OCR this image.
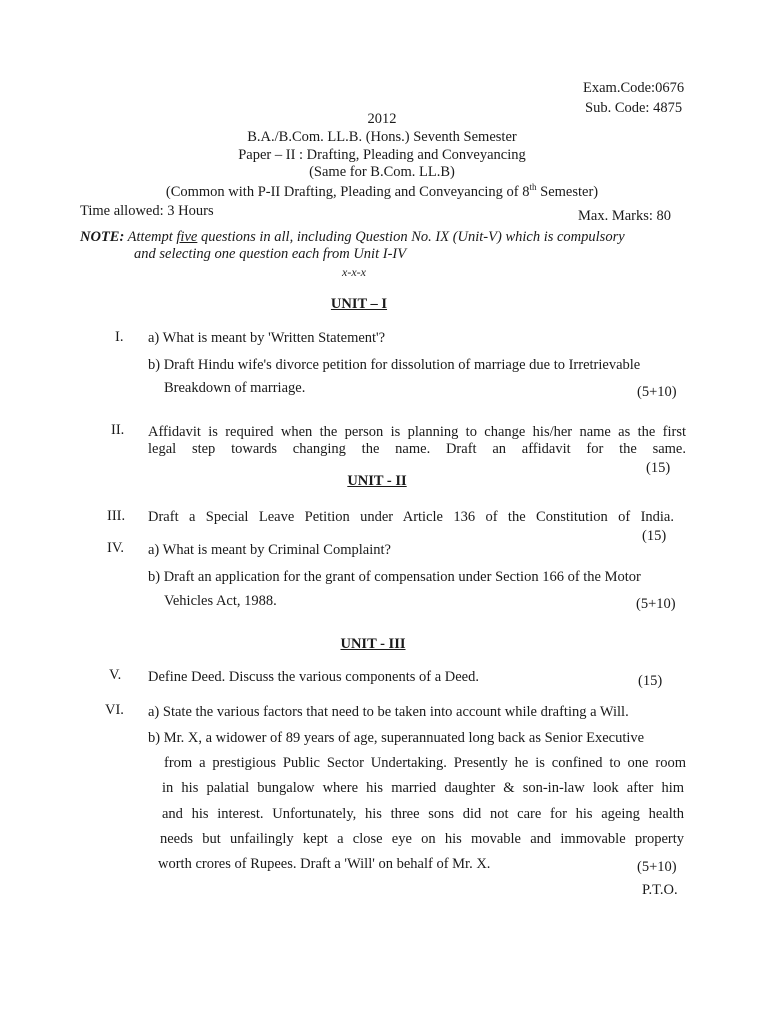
Exam.Code:0676
Sub. Code: 4875
2012
B.A./B.Com. LL.B. (Hons.) Seventh Semester
Paper – II : Drafting, Pleading and Conveyancing
(Same for B.Com. LL.B)
(Common with P-II Drafting, Pleading and Conveyancing of 8th Semester)
Time allowed: 3 Hours	Max. Marks: 80
NOTE: Attempt five questions in all, including Question No. IX (Unit-V) which is compulsory
and selecting one question each from Unit I-IV
x-x-x
UNIT – I
I. a) What is meant by 'Written Statement'?
b) Draft Hindu wife's divorce petition for dissolution of marriage due to Irretrievable
Breakdown of marriage.	(5+10)
II. Affidavit is required when the person is planning to change his/her name as the first
legal step towards changing the name. Draft an affidavit for the same.
(15)
UNIT - II
III. Draft a Special Leave Petition under Article 136 of the Constitution of India.
(15)
IV. a) What is meant by Criminal Complaint?
b) Draft an application for the grant of compensation under Section 166 of the Motor
Vehicles Act, 1988.	(5+10)
UNIT - III
V. Define Deed. Discuss the various components of a Deed.	(15)
VI. a) State the various factors that need to be taken into account while drafting a Will.
b) Mr. X, a widower of 89 years of age, superannuated long back as Senior Executive
from a prestigious Public Sector Undertaking. Presently he is confined to one room
in his palatial bungalow where his married daughter & son-in-law look after him
and his interest. Unfortunately, his three sons did not care for his ageing health
needs but unfailingly kept a close eye on his movable and immovable property
worth crores of Rupees. Draft a 'Will' on behalf of Mr. X.	(5+10)
P.T.O.
